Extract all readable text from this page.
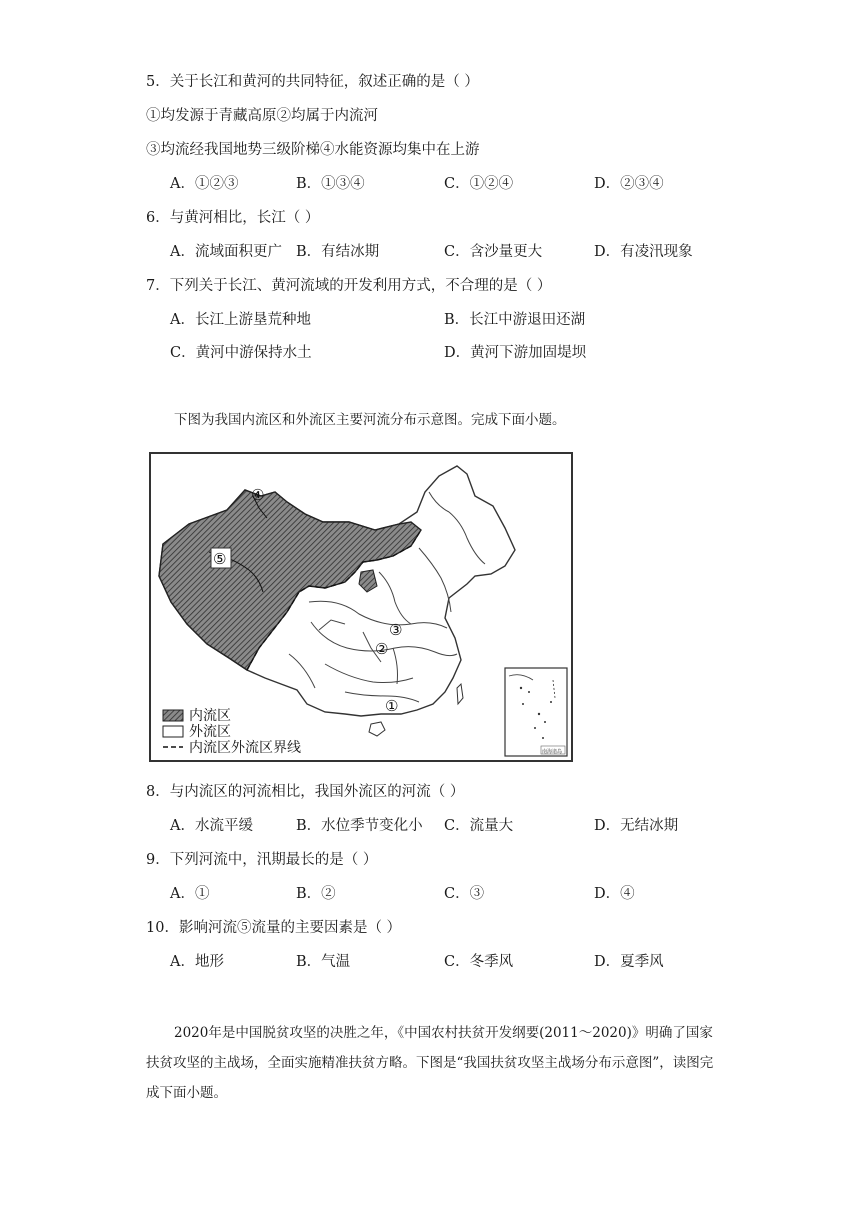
5．关于长江和黄河的共同特征，叙述正确的是（ ）
①均发源于青藏高原②均属于内流河
③均流经我国地势三级阶梯④水能资源均集中在上游
A．①②③	B．①③④	C．①②④	D．②③④
6．与黄河相比，长江（ ）
A．流域面积更广 B．有结冰期	C．含沙量更大	D．有凌汛现象
7．下列关于长江、黄河流域的开发利用方式，不合理的是（ ）
A．长江上游垦荒种地	B．长江中游退田还湖
C．黄河中游保持水土	D．黄河下游加固堤坝
下图为我国内流区和外流区主要河流分布示意图。完成下面小题。
④
⑤
③
②
①
内流区
外流区
内流区外流区界线	南海诸岛
8．与内流区的河流相比，我国外流区的河流（ ）
A．水流平缓	B．水位季节变化小 C．流量大	D．无结冰期
9．下列河流中，汛期最长的是（ ）
A．①	B．②	C．③	D．④
10．影响河流⑤流量的主要因素是（ ）
A．地形	B．气温	C．冬季风	D．夏季风
2020年是中国脱贫攻坚的决胜之年，《中国农村扶贫开发纲要(2011～2020)》明确了国家扶贫攻坚的主战场，全面实施精准扶贫方略。下图是“我国扶贫攻坚主战场分布示意图”，读图完成下面小题。
